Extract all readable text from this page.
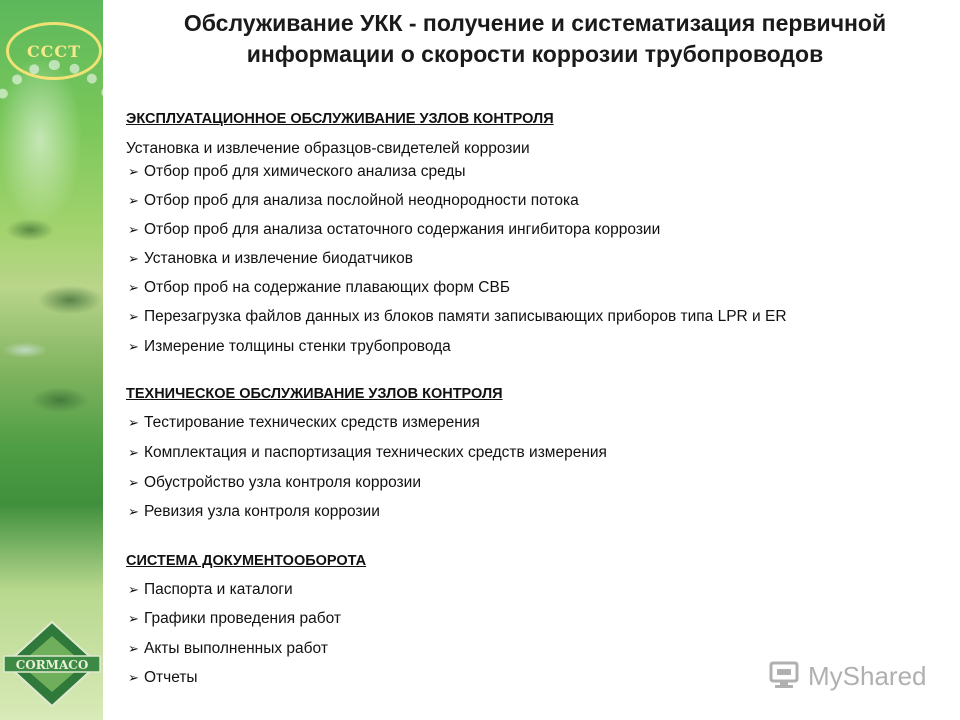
CCCT
CORMACO
Обслуживание УКК - получение и систематизация первичной
информации о скорости коррозии трубопроводов
ЭКСПЛУАТАЦИОННОЕ ОБСЛУЖИВАНИЕ УЗЛОВ КОНТРОЛЯ
Установка и извлечение образцов-свидетелей коррозии
➢ Отбор проб для химического анализа среды
➢ Отбор проб для анализа послойной неоднородности потока
➢ Отбор проб для анализа остаточного содержания ингибитора коррозии
➢ Установка и извлечение биодатчиков
➢ Отбор проб на содержание плавающих форм СВБ
➢ Перезагрузка файлов данных из блоков памяти записывающих приборов типа LPR и ER
➢ Измерение толщины стенки трубопровода
ТЕХНИЧЕСКОЕ ОБСЛУЖИВАНИЕ УЗЛОВ КОНТРОЛЯ
➢ Тестирование технических средств измерения
➢ Комплектация и паспортизация технических средств измерения
➢ Обустройство узла контроля коррозии
➢ Ревизия узла контроля коррозии
СИСТЕМА ДОКУМЕНТООБОРОТА
➢ Паспорта и каталоги
➢ Графики проведения работ
➢ Акты выполненных работ
➢ Отчеты	MyShared
